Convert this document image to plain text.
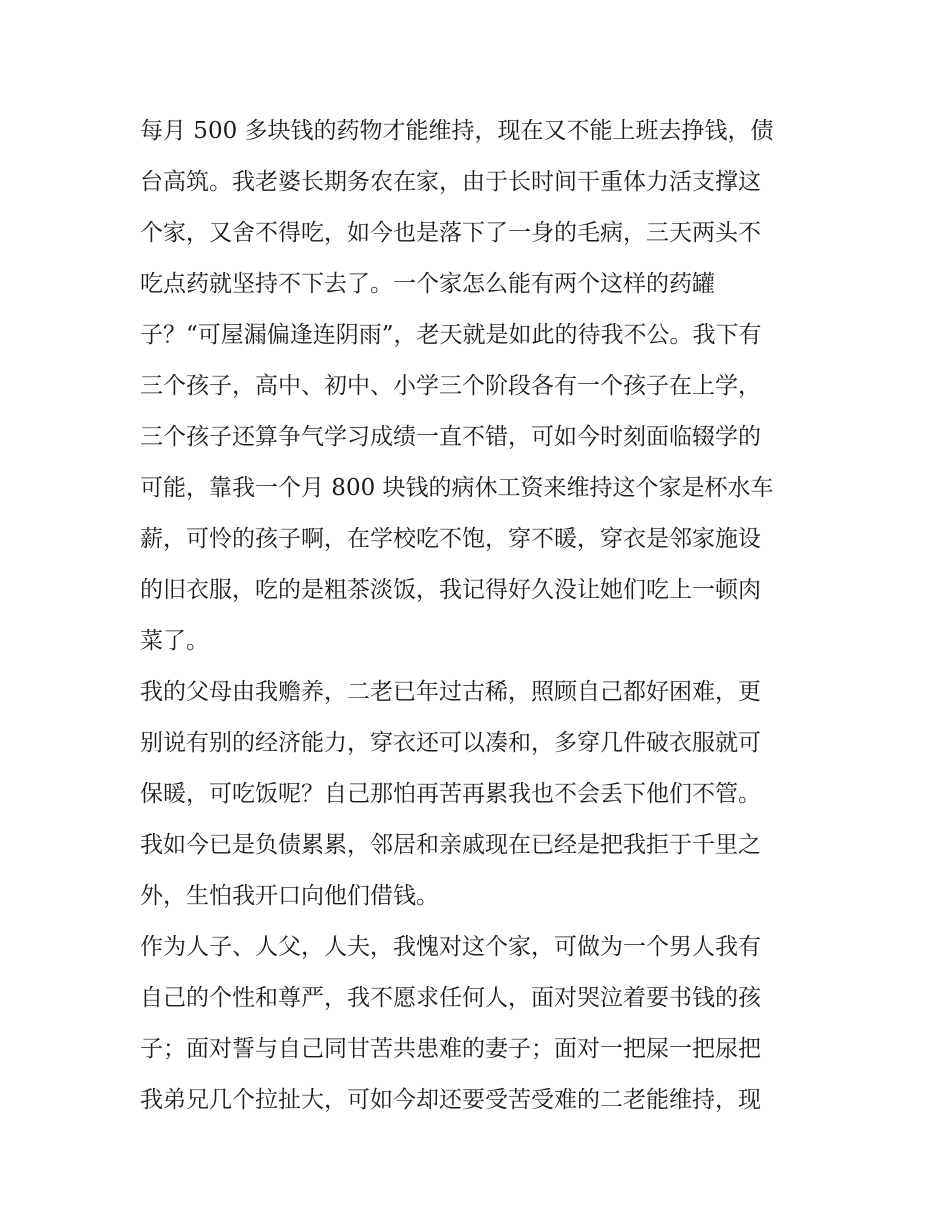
每月 500 多块钱的药物才能维持，现在又不能上班去挣钱，债
台高筑。我老婆长期务农在家，由于长时间干重体力活支撑这
个家，又舍不得吃，如今也是落下了一身的毛病，三天两头不
吃点药就坚持不下去了。一个家怎么能有两个这样的药罐
子？“可屋漏偏逢连阴雨”，老天就是如此的待我不公。我下有
三个孩子，高中、初中、小学三个阶段各有一个孩子在上学，
三个孩子还算争气学习成绩一直不错，可如今时刻面临辍学的
可能，靠我一个月 800 块钱的病休工资来维持这个家是杯水车
薪，可怜的孩子啊，在学校吃不饱，穿不暖，穿衣是邻家施设
的旧衣服，吃的是粗茶淡饭，我记得好久没让她们吃上一顿肉
菜了。
我的父母由我赡养，二老已年过古稀，照顾自己都好困难，更
别说有别的经济能力，穿衣还可以凑和，多穿几件破衣服就可
保暖，可吃饭呢？自己那怕再苦再累我也不会丢下他们不管。
我如今已是负债累累，邻居和亲戚现在已经是把我拒于千里之
外，生怕我开口向他们借钱。
作为人子、人父，人夫，我愧对这个家，可做为一个男人我有
自己的个性和尊严，我不愿求任何人，面对哭泣着要书钱的孩
子；面对誓与自己同甘苦共患难的妻子；面对一把屎一把尿把
我弟兄几个拉扯大，可如今却还要受苦受难的二老能维持，现
